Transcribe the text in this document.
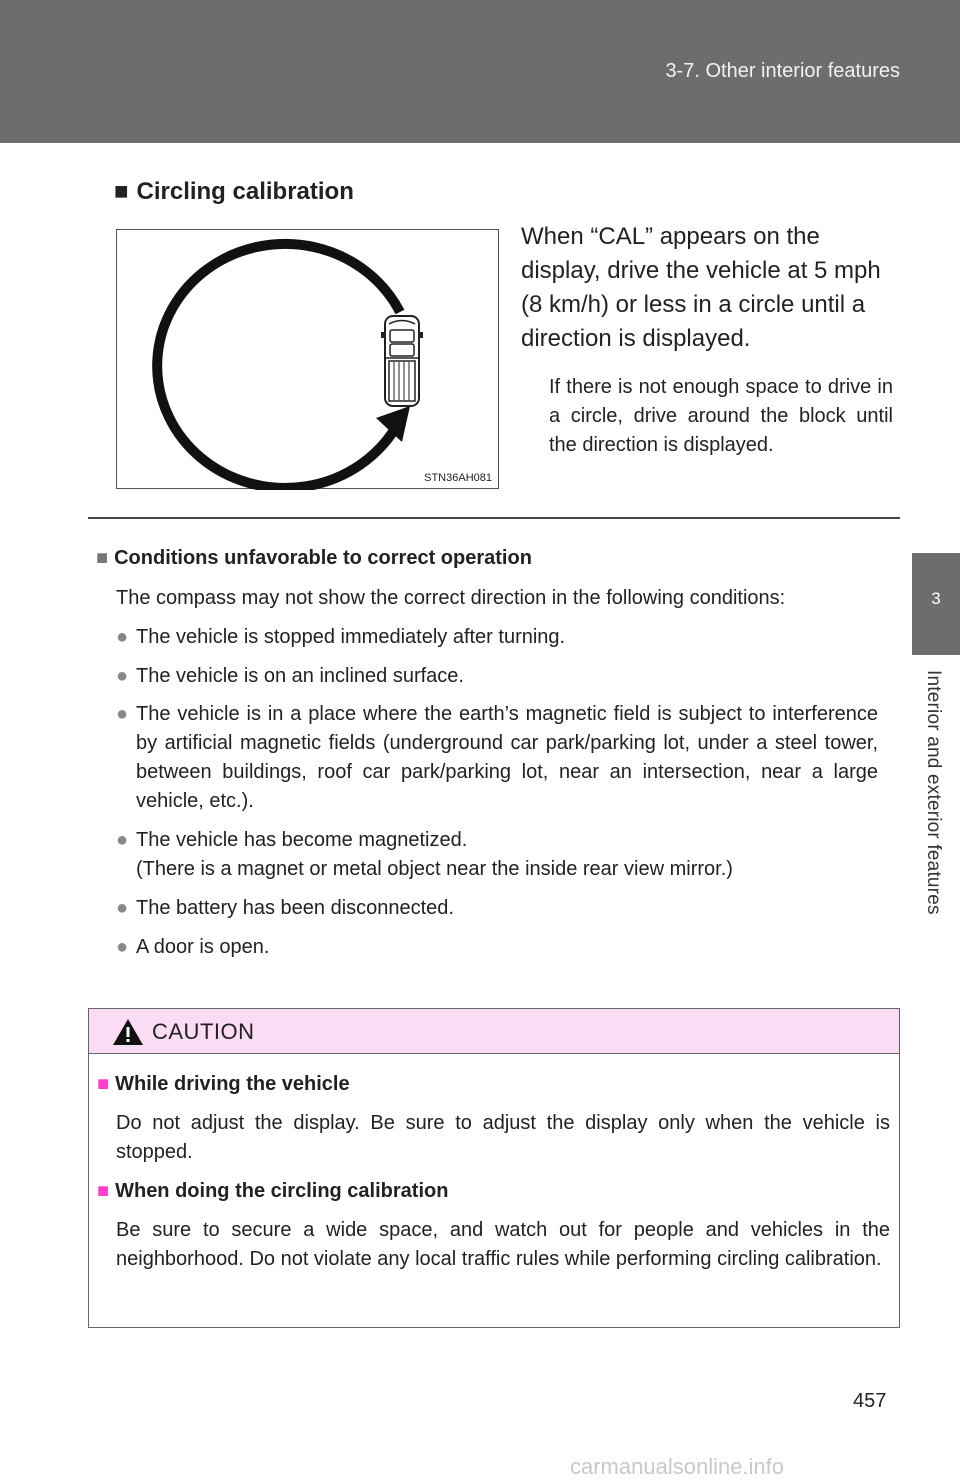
3-7. Other interior features
3
Interior and exterior features
■ Circling calibration
STN36AH081
When “CAL” appears on the display, drive the vehicle at 5 mph (8 km/h) or less in a circle until a direction is displayed.
If there is not enough space to drive in a circle, drive around the block until the direction is displayed.
■ Conditions unfavorable to correct operation
The compass may not show the correct direction in the following conditions:
● The vehicle is stopped immediately after turning.
● The vehicle is on an inclined surface.
● The vehicle is in a place where the earth’s magnetic field is subject to interference by artificial magnetic fields (underground car park/parking lot, under a steel tower, between buildings, roof car park/parking lot, near an intersection, near a large vehicle, etc.).
● The vehicle has become magnetized.
(There is a magnet or metal object near the inside rear view mirror.)
● The battery has been disconnected.
● A door is open.
CAUTION
■ While driving the vehicle
Do not adjust the display. Be sure to adjust the display only when the vehicle is stopped.
■ When doing the circling calibration
Be sure to secure a wide space, and watch out for people and vehicles in the neighborhood. Do not violate any local traffic rules while performing circling calibration.
457
carmanualsonline.info
